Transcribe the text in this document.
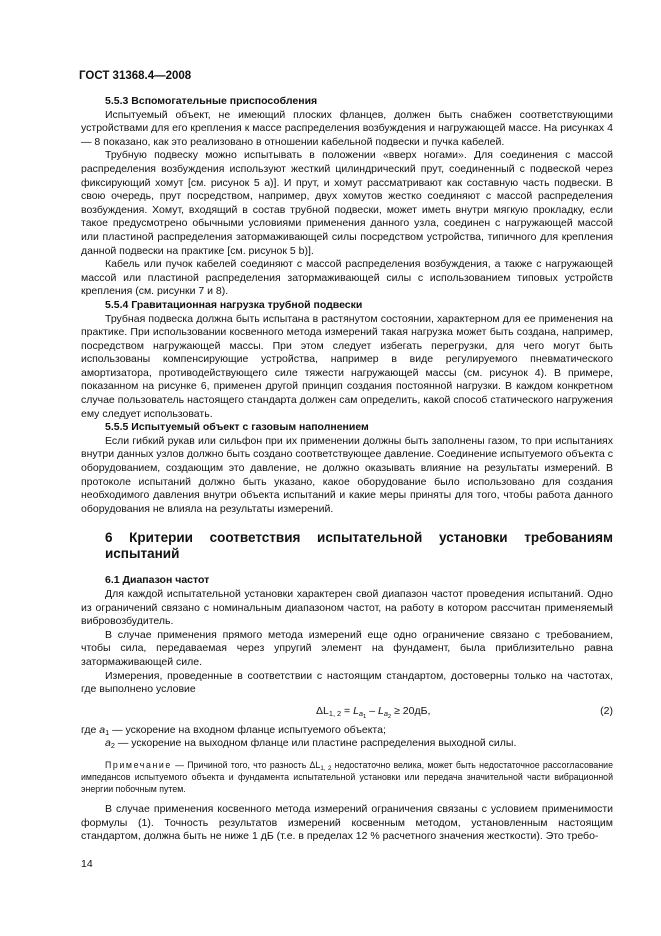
ГОСТ 31368.4—2008

5.5.3 Вспомогательные приспособления

Испытуемый объект, не имеющий плоских фланцев, должен быть снабжен соответствующими устройствами для его крепления к массе распределения возбуждения и нагружающей массе. На рисунках 4 — 8 показано, как это реализовано в отношении кабельной подвески и пучка кабелей.

Трубную подвеску можно испытывать в положении «вверх ногами». Для соединения с массой распределения возбуждения используют жесткий цилиндрический прут, соединенный с подвеской через фиксирующий хомут [см. рисунок 5 а)]. И прут, и хомут рассматривают как составную часть подвески. В свою очередь, прут посредством, например, двух хомутов жестко соединяют с массой распределения возбуждения. Хомут, входящий в состав трубной подвески, может иметь внутри мягкую прокладку, если такое предусмотрено обычными условиями применения данного узла, соединен с нагружающей массой или пластиной распределения затормаживающей силы посредством устройства, типичного для крепления данной подвески на практике [см. рисунок 5 b)].

Кабель или пучок кабелей соединяют с массой распределения возбуждения, а также с нагружающей массой или пластиной распределения затормаживающей силы с использованием типовых устройств крепления (см. рисунки 7 и 8).

5.5.4 Гравитационная нагрузка трубной подвески

Трубная подвеска должна быть испытана в растянутом состоянии, характерном для ее применения на практике. При использовании косвенного метода измерений такая нагрузка может быть создана, например, посредством нагружающей массы. При этом следует избегать перегрузки, для чего могут быть использованы компенсирующие устройства, например в виде регулируемого пневматического амортизатора, противодействующего силе тяжести нагружающей массы (см. рисунок 4). В примере, показанном на рисунке 6, применен другой принцип создания постоянной нагрузки. В каждом конкретном случае пользователь настоящего стандарта должен сам определить, какой способ статического нагружения ему следует использовать.

5.5.5 Испытуемый объект с газовым наполнением

Если гибкий рукав или сильфон при их применении должны быть заполнены газом, то при испытаниях внутри данных узлов должно быть создано соответствующее давление. Соединение испытуемого объекта с оборудованием, создающим это давление, не должно оказывать влияние на результаты измерений. В протоколе испытаний должно быть указано, какое оборудование было использовано для создания необходимого давления внутри объекта испытаний и какие меры приняты для того, чтобы работа данного оборудования не влияла на результаты измерений.

6 Критерии соответствия испытательной установки требованиям испытаний

6.1 Диапазон частот

Для каждой испытательной установки характерен свой диапазон частот проведения испытаний. Одно из ограничений связано с номинальным диапазоном частот, на работу в котором рассчитан применяемый вибровозбудитель.

В случае применения прямого метода измерений еще одно ограничение связано с требованием, чтобы сила, передаваемая через упругий элемент на фундамент, была приблизительно равна затормаживающей силе.

Измерения, проведенные в соответствии с настоящим стандартом, достоверны только на частотах, где выполнено условие

$\Delta L_{1, 2} = L_{a_1} - L_{a_2} \ge 20дБ$,	(2)

где $a_1$ — ускорение на входном фланце испытуемого объекта;

$a_2$ — ускорение на выходном фланце или пластине распределения выходной силы.

Примечание — Причиной того, что разность $\Delta L_{1, 2}$ недостаточно велика, может быть недостаточное рассогласование импедансов испытуемого объекта и фундамента испытательной установки или передача значительной части вибрационной энергии побочным путем.

В случае применения косвенного метода измерений ограничения связаны с условием применимости формулы (1). Точность результатов измерений косвенным методом, установленным настоящим стандартом, должна быть не ниже 1 дБ (т.е. в пределах 12 % расчетного значения жесткости). Это требо-

14
